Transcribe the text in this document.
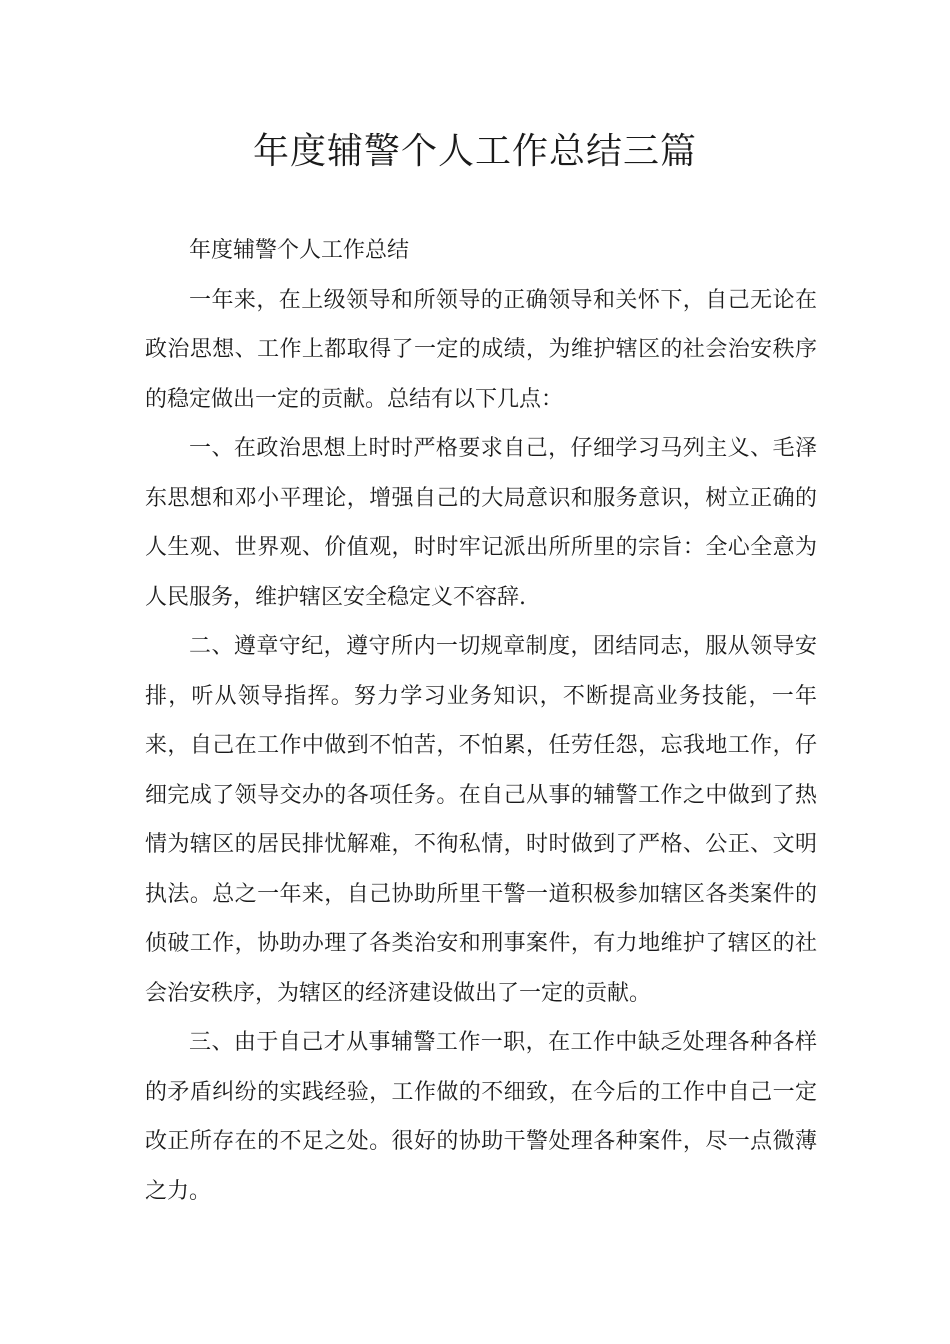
年度辅警个人工作总结三篇

年度辅警个人工作总结

一年来，在上级领导和所领导的正确领导和关怀下，自己无论在政治思想、工作上都取得了一定的成绩，为维护辖区的社会治安秩序的稳定做出一定的贡献。总结有以下几点：

一、在政治思想上时时严格要求自己，仔细学习马列主义、毛泽东思想和邓小平理论，增强自己的大局意识和服务意识，树立正确的人生观、世界观、价值观，时时牢记派出所所里的宗旨：全心全意为人民服务，维护辖区安全稳定义不容辞.

二、遵章守纪，遵守所内一切规章制度，团结同志，服从领导安排，听从领导指挥。努力学习业务知识，不断提高业务技能，一年来，自己在工作中做到不怕苦，不怕累，任劳任怨，忘我地工作，仔细完成了领导交办的各项任务。在自己从事的辅警工作之中做到了热情为辖区的居民排忧解难，不徇私情，时时做到了严格、公正、文明执法。总之一年来，自己协助所里干警一道积极参加辖区各类案件的侦破工作，协助办理了各类治安和刑事案件，有力地维护了辖区的社会治安秩序，为辖区的经济建设做出了一定的贡献。

三、由于自己才从事辅警工作一职，在工作中缺乏处理各种各样的矛盾纠纷的实践经验，工作做的不细致，在今后的工作中自己一定改正所存在的不足之处。很好的协助干警处理各种案件，尽一点微薄之力。
